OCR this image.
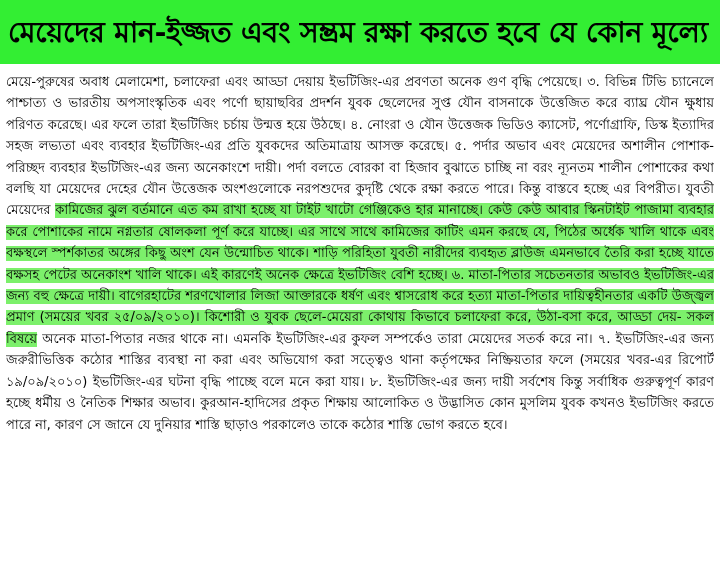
মেয়েদের মান-ইজ্জত এবং সম্ভ্রম রক্ষা করতে হবে যে কোন মূল্যে

মেয়ে-পুরুষের অবাধ মেলামেশা, চলাফেরা এবং আড্ডা দেয়ায় ইভটিজিং-এর প্রবণতা অনেক গুণ বৃদ্ধি পেয়েছে। ৩. বিভিন্ন টিভি চ্যানেলে পাশ্চাত্য ও ভারতীয় অপসাংস্কৃতিক এবং পর্ণো ছায়াছবির প্রদর্শন যুবক ছেলেদের সুপ্ত যৌন বাসনাকে উত্তেজিত করে ব্যাঘ্র যৌন ক্ষুধায় পরিণত করেছে। এর ফলে তারা ইভটিজিং চর্চায় উন্মত্ত হয়ে উঠছে। ৪. নোংরা ও যৌন উত্তেজক ভিডিও ক্যাসেট, পর্ণোগ্রাফি, ডিস্ক ইত্যাদির সহজ লভ্যতা এবং ব্যবহার ইভটিজিং-এর প্রতি যুবকদের অতিমাত্রায় আসক্ত করেছে। ৫. পর্দার অভাব এবং মেয়েদের অশালীন পোশাক-পরিচ্ছদ ব্যবহার ইভটিজিং-এর জন্য অনেকাংশে দায়ী। পর্দা বলতে বোরকা বা হিজাব বুঝাতে চাচ্ছি না বরং ন্যূনতম শালীন পোশাকের কথা বলছি যা মেয়েদের দেহের যৌন উত্তেজক অংশগুলোকে নরপশুদের কুদৃষ্টি থেকে রক্ষা করতে পারে। কিন্তু বাস্তবে হচ্ছে এর বিপরীত। যুবতী মেয়েদের কামিজের ঝুল বর্তমানে এত কম রাখা হচ্ছে যা টাইট খাটো গেঞ্জিকেও হার মানাচ্ছে। কেউ কেউ আবার স্কিনটাইট পাজামা ব্যবহার করে পোশাকের নামে নগ্নতার ষোলকলা পূর্ণ করে যাচ্ছে। এর সাথে সাথে কামিজের কাটিং এমন করছে যে, পিঠের অর্ধেক খালি থাকে এবং বক্ষস্থলে স্পর্শকাতর অঙ্গের কিছু অংশ যেন উন্মোচিত থাকে। শাড়ি পরিহিতা যুবতী নারীদের ব্যবহৃত ব্লাউজ এমনভাবে তৈরি করা হচ্ছে যাতে বক্ষসহ পেটের অনেকাংশ খালি থাকে। এই কারণেই অনেক ক্ষেত্রে ইভটিজিং বেশি হচ্ছে। ৬. মাতা-পিতার সচেতনতার অভাবও ইভটিজিং-এর জন্য বহু ক্ষেত্রে দায়ী। বাগেরহাটের শরণখোলার লিজা আক্তারকে ধর্ষণ এবং শ্বাসরোধ করে হত্যা মাতা-পিতার দায়িত্বহীনতার একটি উজ্জ্বল প্রমাণ (সময়ের খবর ২৫/০৯/২০১০)। কিশোরী ও যুবক ছেলে-মেয়েরা কোথায় কিভাবে চলাফেরা করে, উঠা-বসা করে, আড্ডা দেয়- সকল বিষয়ে অনেক মাতা-পিতার নজর থাকে না। এমনকি ইভটিজিং-এর কুফল সম্পর্কেও তারা মেয়েদের সতর্ক করে না। ৭. ইভটিজিং-এর জন্য জরুরীভিত্তিক কঠোর শাস্তির ব্যবস্থা না করা এবং অভিযোগ করা সত্ত্বেও থানা কর্তৃপক্ষের নিষ্ক্রিয়তার ফলে (সময়ের খবর-এর রিপোর্ট ১৯/০৯/২০১০) ইভটিজিং-এর ঘটনা বৃদ্ধি পাচ্ছে বলে মনে করা যায়। ৮. ইভটিজিং-এর জন্য দায়ী সর্বশেষ কিন্তু সর্বাধিক গুরুত্বপূর্ণ কারণ হচ্ছে ধর্মীয় ও নৈতিক শিক্ষার অভাব। কুরআন-হাদিসের প্রকৃত শিক্ষায় আলোকিত ও উদ্ভাসিত কোন মুসলিম যুবক কখনও ইভটিজিং করতে পারে না, কারণ সে জানে যে দুনিয়ার শাস্তি ছাড়াও পরকালেও তাকে কঠোর শাস্তি ভোগ করতে হবে।
